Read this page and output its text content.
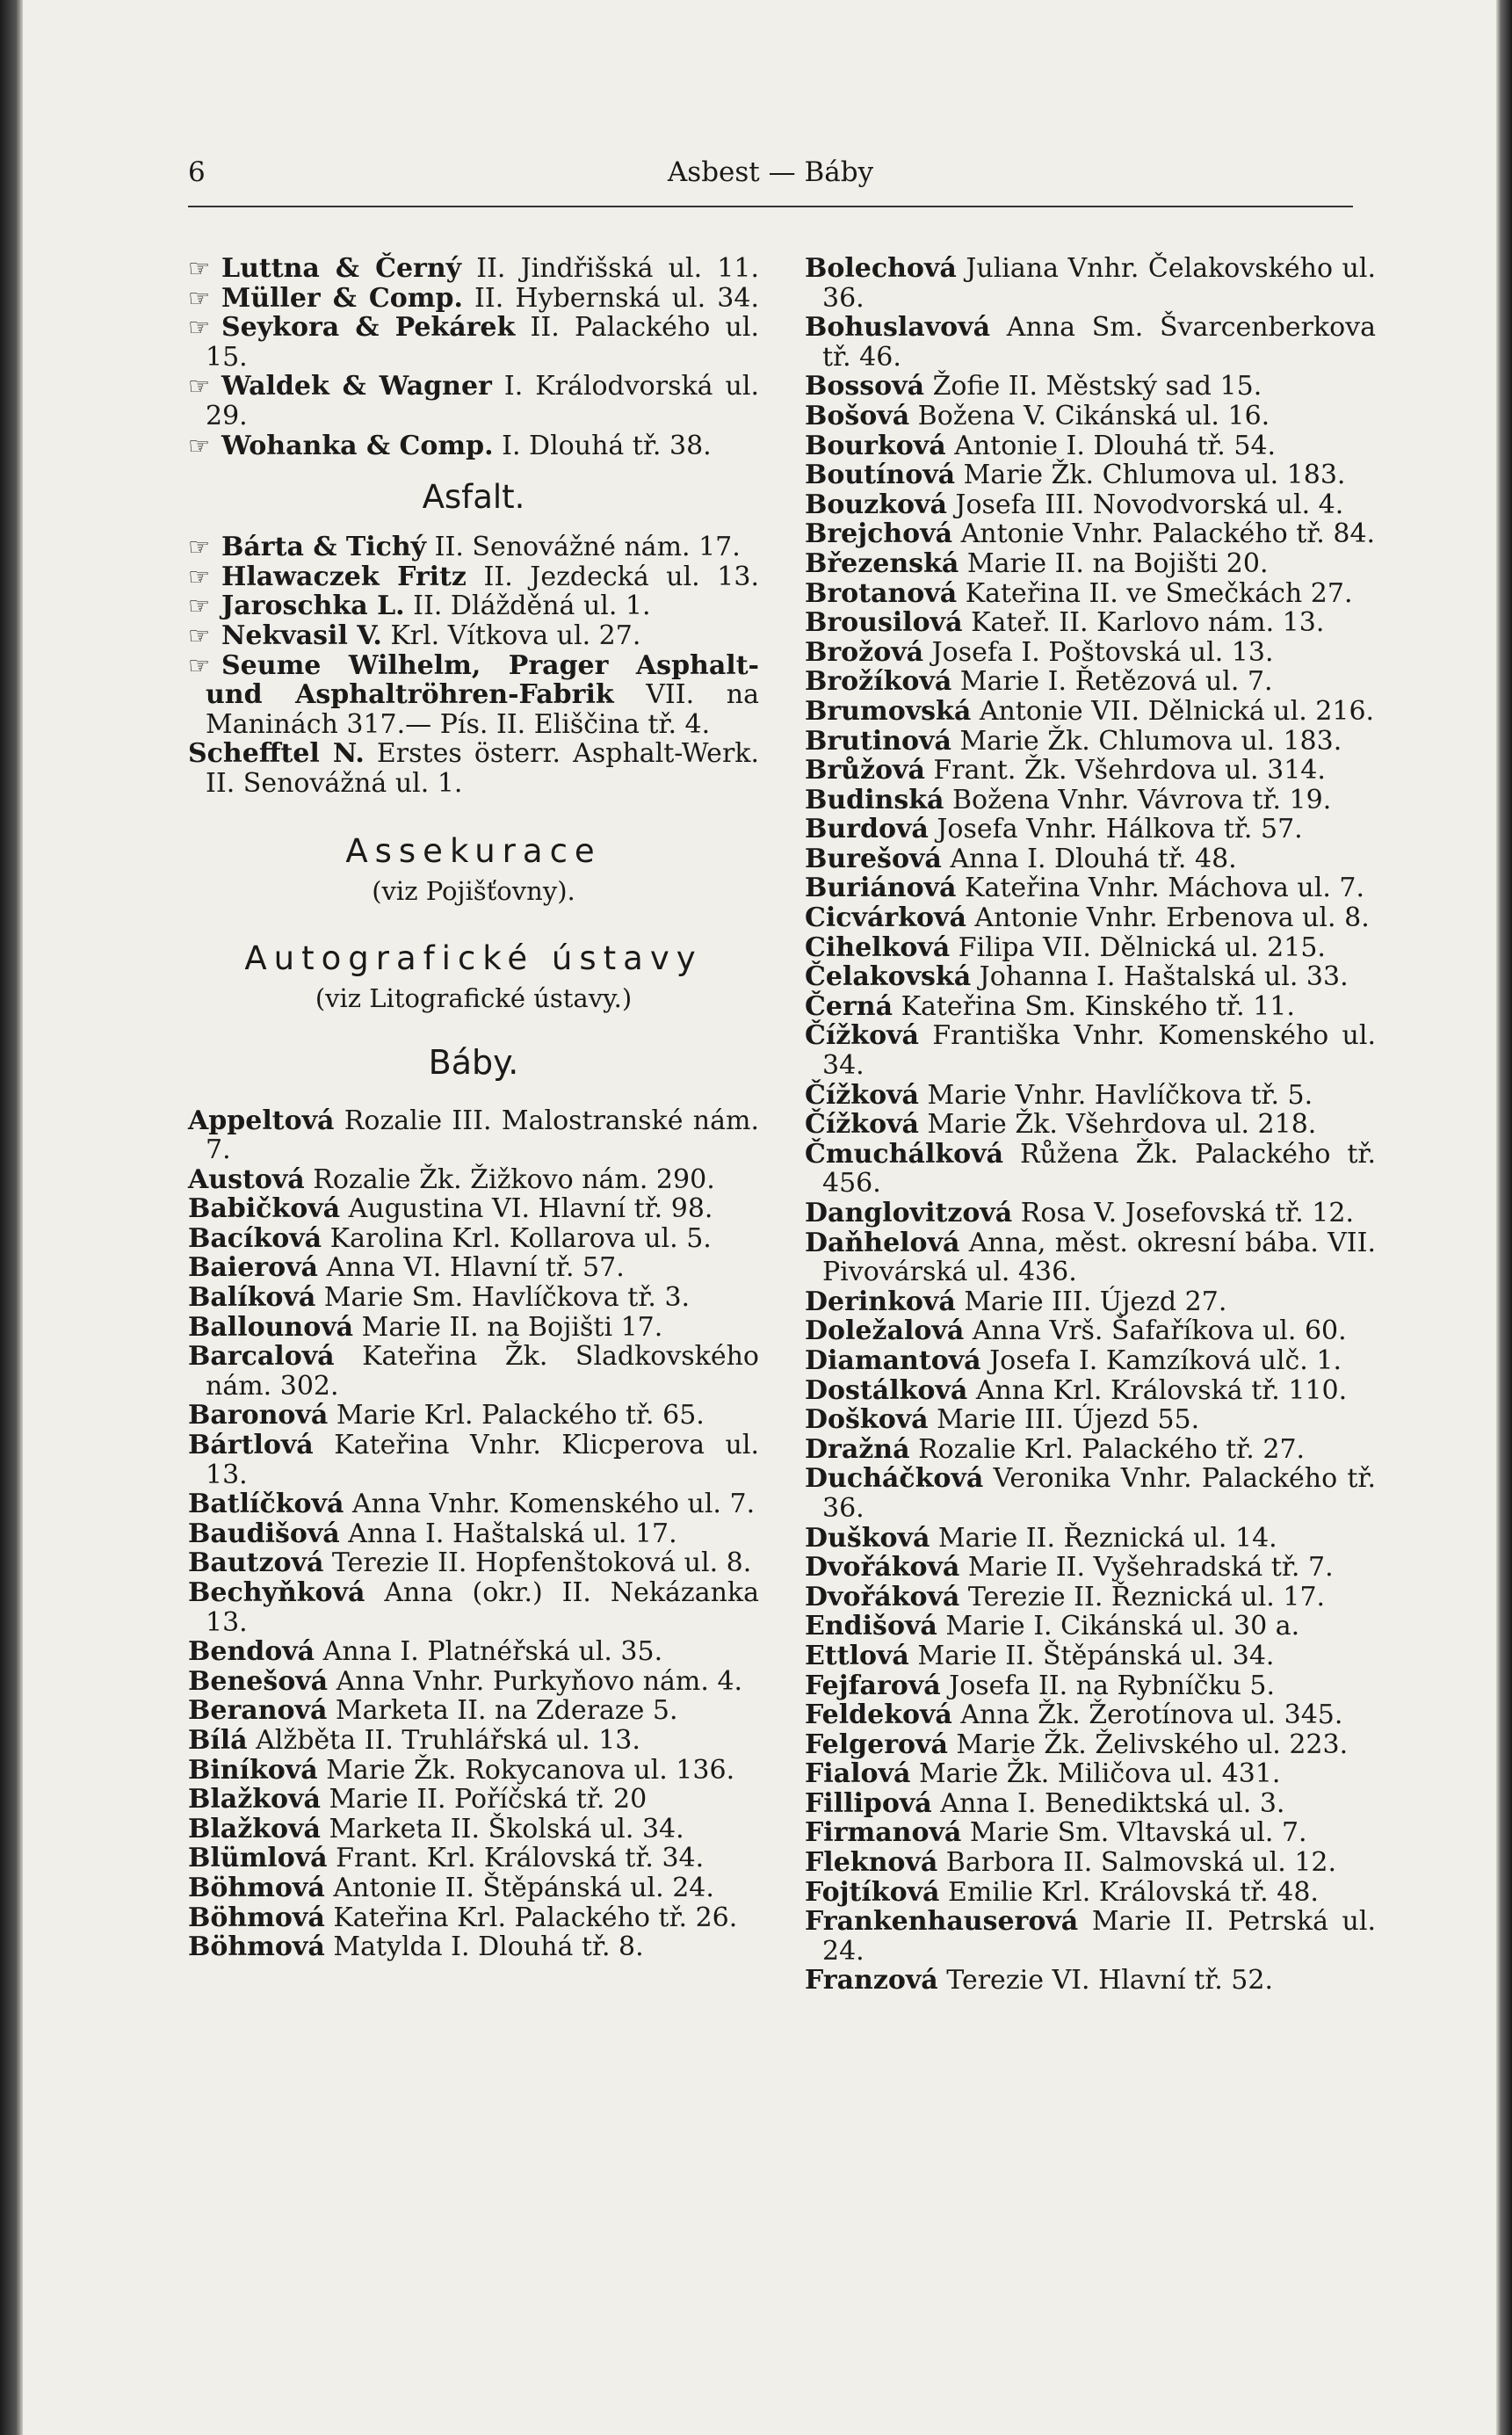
6	Asbest — Báby

☞ Luttna & Černý II. Jindřišská ul. 11.

☞ Müller & Comp. II. Hybernská ul. 34.

☞ Seykora & Pekárek II. Palackého ul. 15.

☞ Waldek & Wagner I. Králodvorská ul. 29.

☞ Wohanka & Comp. I. Dlouhá tř. 38.

Asfalt.

☞ Bárta & Tichý II. Senovážné nám. 17.

☞ Hlawaczek Fritz II. Jezdecká ul. 13.

☞ Jaroschka L. II. Dlážděná ul. 1.

☞ Nekvasil V. Krl. Vítkova ul. 27.

☞ Seume Wilhelm, Prager Asphalt- und Asphaltröhren-Fabrik VII. na Maninách 317.— Pís. II. Eliščina tř. 4.

Schefftel N. Erstes österr. Asphalt-Werk. II. Senovážná ul. 1.

Assekurace
(viz Pojišťovny).
Autografické ústavy
(viz Litografické ústavy.)
Báby.

Appeltová Rozalie III. Malostranské nám. 7.

Austová Rozalie Žk. Žižkovo nám. 290.

Babičková Augustina VI. Hlavní tř. 98.

Bacíková Karolina Krl. Kollarova ul. 5.

Baierová Anna VI. Hlavní tř. 57.

Balíková Marie Sm. Havlíčkova tř. 3.

Ballounová Marie II. na Bojišti 17.

Barcalová Kateřina Žk. Sladkovského nám. 302.

Baronová Marie Krl. Palackého tř. 65.

Bártlová Kateřina Vnhr. Klicperova ul. 13.

Batlíčková Anna Vnhr. Komenského ul. 7.

Baudišová Anna I. Haštalská ul. 17.

Bautzová Terezie II. Hopfenštoková ul. 8.

Bechyňková Anna (okr.) II. Nekázanka 13.

Bendová Anna I. Platnéřská ul. 35.

Benešová Anna Vnhr. Purkyňovo nám. 4.

Beranová Marketa II. na Zderaze 5.

Bílá Alžběta II. Truhlářská ul. 13.

Biníková Marie Žk. Rokycanova ul. 136.

Blažková Marie II. Poříčská tř. 20

Blažková Marketa II. Školská ul. 34.

Blümlová Frant. Krl. Královská tř. 34.

Böhmová Antonie II. Štěpánská ul. 24.

Böhmová Kateřina Krl. Palackého tř. 26.

Böhmová Matylda I. Dlouhá tř. 8.

Bolechová Juliana Vnhr. Čelakovského ul. 36.

Bohuslavová Anna Sm. Švarcenberkova tř. 46.

Bossová Žofie II. Městský sad 15.

Bošová Božena V. Cikánská ul. 16.

Bourková Antonie I. Dlouhá tř. 54.

Boutínová Marie Žk. Chlumova ul. 183.

Bouzková Josefa III. Novodvorská ul. 4.

Brejchová Antonie Vnhr. Palackého tř. 84.

Březenská Marie II. na Bojišti 20.

Brotanová Kateřina II. ve Smečkách 27.

Brousilová Kateř. II. Karlovo nám. 13.

Brožová Josefa I. Poštovská ul. 13.

Brožíková Marie I. Řetězová ul. 7.

Brumovská Antonie VII. Dělnická ul. 216.

Brutinová Marie Žk. Chlumova ul. 183.

Brůžová Frant. Žk. Všehrdova ul. 314.

Budinská Božena Vnhr. Vávrova tř. 19.

Burdová Josefa Vnhr. Hálkova tř. 57.

Burešová Anna I. Dlouhá tř. 48.

Buriánová Kateřina Vnhr. Máchova ul. 7.

Cicvárková Antonie Vnhr. Erbenova ul. 8.

Cihelková Filipa VII. Dělnická ul. 215.

Čelakovská Johanna I. Haštalská ul. 33.

Černá Kateřina Sm. Kinského tř. 11.

Čížková Františka Vnhr. Komenského ul. 34.

Čížková Marie Vnhr. Havlíčkova tř. 5.

Čížková Marie Žk. Všehrdova ul. 218.

Čmuchálková Růžena Žk. Palackého tř. 456.

Danglovitzová Rosa V. Josefovská tř. 12.

Daňhelová Anna, měst. okresní bába. VII. Pivovárská ul. 436.

Derinková Marie III. Újezd 27.

Doležalová Anna Vrš. Šafaříkova ul. 60.

Diamantová Josefa I. Kamzíková ulč. 1.

Dostálková Anna Krl. Královská tř. 110.

Došková Marie III. Újezd 55.

Dražná Rozalie Krl. Palackého tř. 27.

Ducháčková Veronika Vnhr. Palackého tř. 36.

Dušková Marie II. Řeznická ul. 14.

Dvořáková Marie II. Vyšehradská tř. 7.

Dvořáková Terezie II. Řeznická ul. 17.

Endišová Marie I. Cikánská ul. 30 a.

Ettlová Marie II. Štěpánská ul. 34.

Fejfarová Josefa II. na Rybníčku 5.

Feldeková Anna Žk. Žerotínova ul. 345.

Felgerová Marie Žk. Želivského ul. 223.

Fialová Marie Žk. Miličova ul. 431.

Fillipová Anna I. Benediktská ul. 3.

Firmanová Marie Sm. Vltavská ul. 7.

Fleknová Barbora II. Salmovská ul. 12.

Fojtíková Emilie Krl. Královská tř. 48.

Frankenhauserová Marie II. Petrská ul. 24.

Franzová Terezie VI. Hlavní tř. 52.
